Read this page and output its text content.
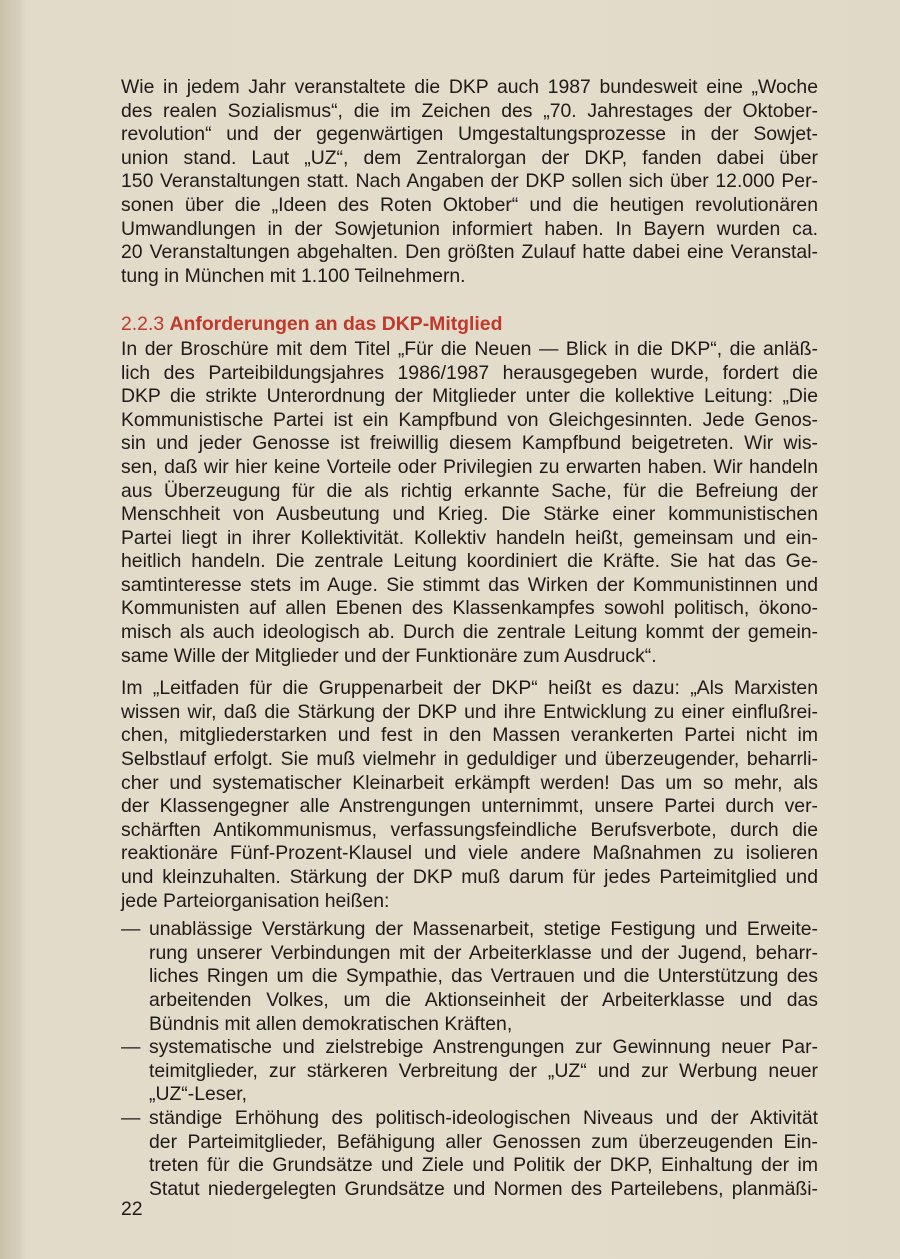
Wie in jedem Jahr veranstaltete die DKP auch 1987 bundesweit eine „Woche
des realen Sozialismus“, die im Zeichen des „70. Jahrestages der Oktober-
revolution“ und der gegenwärtigen Umgestaltungsprozesse in der Sowjet-
union stand. Laut „UZ“, dem Zentralorgan der DKP, fanden dabei über
150 Veranstaltungen statt. Nach Angaben der DKP sollen sich über 12.000 Per-
sonen über die „Ideen des Roten Oktober“ und die heutigen revolutionären
Umwandlungen in der Sowjetunion informiert haben. In Bayern wurden ca.
20 Veranstaltungen abgehalten. Den größten Zulauf hatte dabei eine Veranstal-
tung in München mit 1.100 Teilnehmern.
2.2.3 Anforderungen an das DKP-Mitglied
In der Broschüre mit dem Titel „Für die Neuen — Blick in die DKP“, die anläß-
lich des Parteibildungsjahres 1986/1987 herausgegeben wurde, fordert die
DKP die strikte Unterordnung der Mitglieder unter die kollektive Leitung: „Die
Kommunistische Partei ist ein Kampfbund von Gleichgesinnten. Jede Genos-
sin und jeder Genosse ist freiwillig diesem Kampfbund beigetreten. Wir wis-
sen, daß wir hier keine Vorteile oder Privilegien zu erwarten haben. Wir handeln
aus Überzeugung für die als richtig erkannte Sache, für die Befreiung der
Menschheit von Ausbeutung und Krieg. Die Stärke einer kommunistischen
Partei liegt in ihrer Kollektivität. Kollektiv handeln heißt, gemeinsam und ein-
heitlich handeln. Die zentrale Leitung koordiniert die Kräfte. Sie hat das Ge-
samtinteresse stets im Auge. Sie stimmt das Wirken der Kommunistinnen und
Kommunisten auf allen Ebenen des Klassenkampfes sowohl politisch, ökono-
misch als auch ideologisch ab. Durch die zentrale Leitung kommt der gemein-
same Wille der Mitglieder und der Funktionäre zum Ausdruck“.
Im „Leitfaden für die Gruppenarbeit der DKP“ heißt es dazu: „Als Marxisten
wissen wir, daß die Stärkung der DKP und ihre Entwicklung zu einer einflußrei-
chen, mitgliederstarken und fest in den Massen verankerten Partei nicht im
Selbstlauf erfolgt. Sie muß vielmehr in geduldiger und überzeugender, beharrli-
cher und systematischer Kleinarbeit erkämpft werden! Das um so mehr, als
der Klassengegner alle Anstrengungen unternimmt, unsere Partei durch ver-
schärften Antikommunismus, verfassungsfeindliche Berufsverbote, durch die
reaktionäre Fünf-Prozent-Klausel und viele andere Maßnahmen zu isolieren
und kleinzuhalten. Stärkung der DKP muß darum für jedes Parteimitglied und
jede Parteiorganisation heißen:
— unablässige Verstärkung der Massenarbeit, stetige Festigung und Erweite-
rung unserer Verbindungen mit der Arbeiterklasse und der Jugend, beharr-
liches Ringen um die Sympathie, das Vertrauen und die Unterstützung des
arbeitenden Volkes, um die Aktionseinheit der Arbeiterklasse und das
Bündnis mit allen demokratischen Kräften,
— systematische und zielstrebige Anstrengungen zur Gewinnung neuer Par-
teimitglieder, zur stärkeren Verbreitung der „UZ“ und zur Werbung neuer
„UZ“-Leser,
— ständige Erhöhung des politisch-ideologischen Niveaus und der Aktivität
der Parteimitglieder, Befähigung aller Genossen zum überzeugenden Ein-
treten für die Grundsätze und Ziele und Politik der DKP, Einhaltung der im
Statut niedergelegten Grundsätze und Normen des Parteilebens, planmäßi-
22
